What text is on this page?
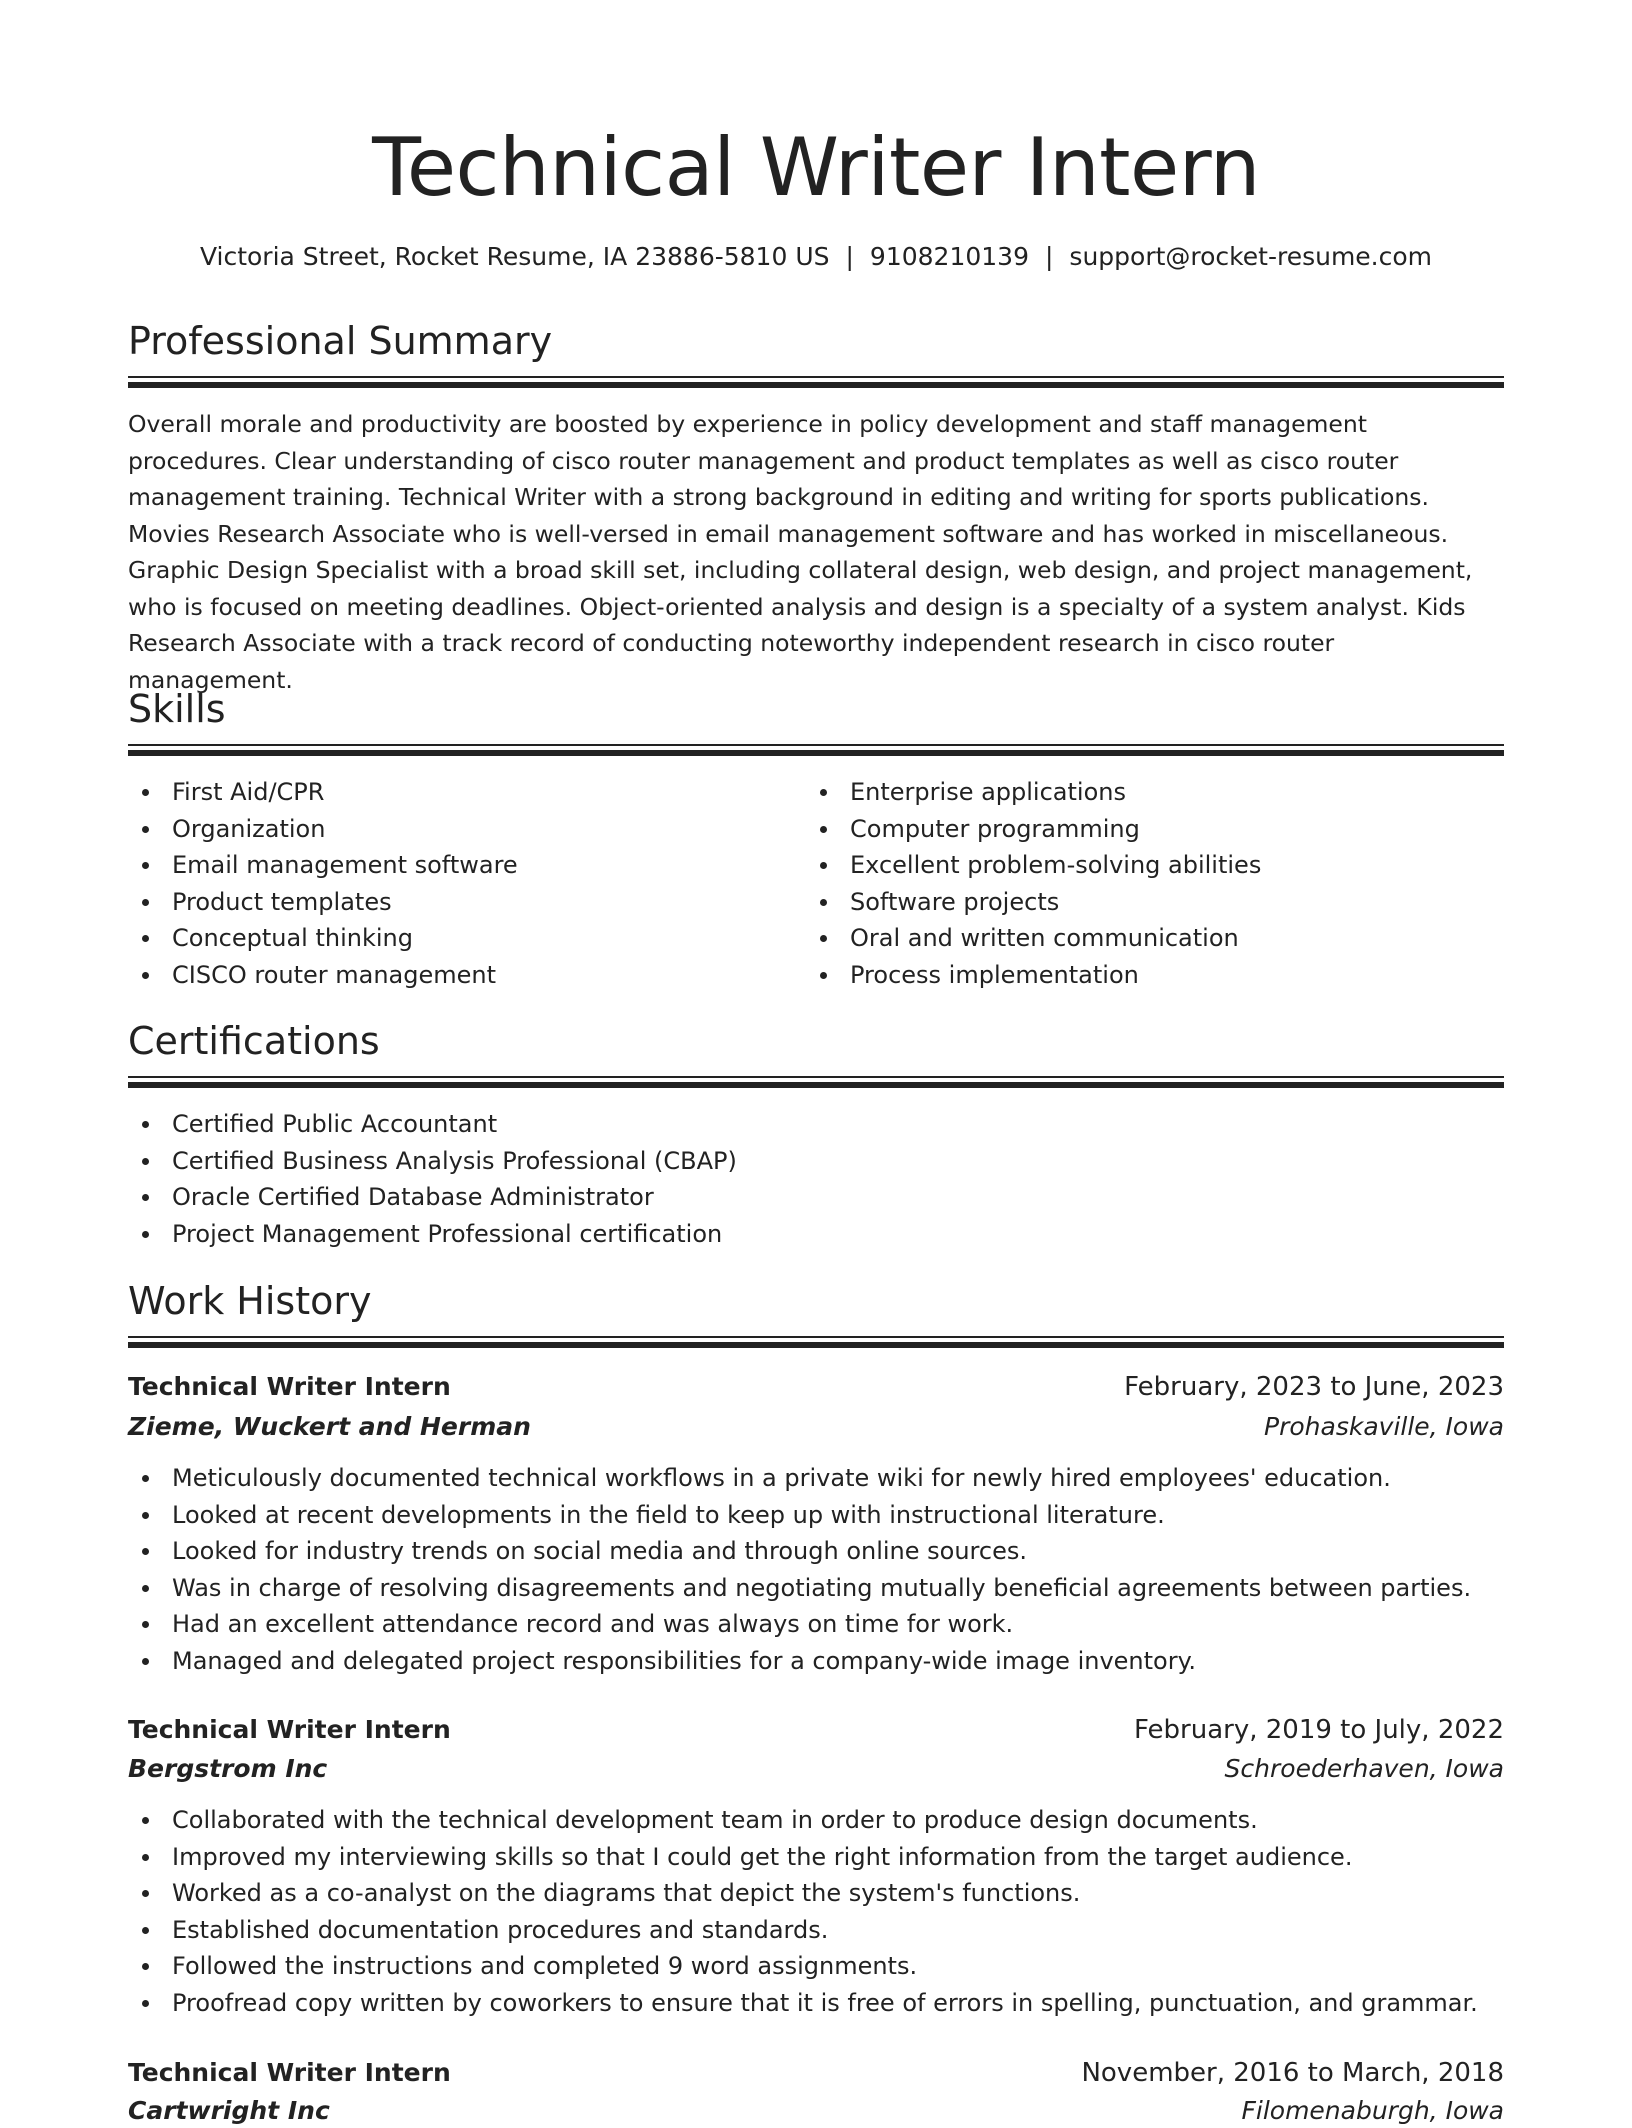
Technical Writer Intern
Victoria Street, Rocket Resume, IA 23886-5810 US | 9108210139 | support@rocket-resume.com
Professional Summary

Overall morale and productivity are boosted by experience in policy development and staff management procedures. Clear understanding of cisco router management and product templates as well as cisco router management training. Technical Writer with a strong background in editing and writing for sports publications. Movies Research Associate who is well-versed in email management software and has worked in miscellaneous. Graphic Design Specialist with a broad skill set, including collateral design, web design, and project management, who is focused on meeting deadlines. Object-oriented analysis and design is a specialty of a system analyst. Kids Research Associate with a track record of conducting noteworthy independent research in cisco router management.

Skills
First Aid/CPR
Organization
Email management software
Product templates
Conceptual thinking
CISCO router management
Enterprise applications
Computer programming
Excellent problem-solving abilities
Software projects
Oral and written communication
Process implementation
Certifications
Certified Public Accountant
Certified Business Analysis Professional (CBAP)
Oracle Certified Database Administrator
Project Management Professional certification
Work History
Technical Writer Intern	February, 2023 to June, 2023
Zieme, Wuckert and Herman	Prohaskaville, Iowa
Meticulously documented technical workflows in a private wiki for newly hired employees' education.
Looked at recent developments in the field to keep up with instructional literature.
Looked for industry trends on social media and through online sources.
Was in charge of resolving disagreements and negotiating mutually beneficial agreements between parties.
Had an excellent attendance record and was always on time for work.
Managed and delegated project responsibilities for a company-wide image inventory.
Technical Writer Intern	February, 2019 to July, 2022
Bergstrom Inc	Schroederhaven, Iowa
Collaborated with the technical development team in order to produce design documents.
Improved my interviewing skills so that I could get the right information from the target audience.
Worked as a co-analyst on the diagrams that depict the system's functions.
Established documentation procedures and standards.
Followed the instructions and completed 9 word assignments.
Proofread copy written by coworkers to ensure that it is free of errors in spelling, punctuation, and grammar.
Technical Writer Intern	November, 2016 to March, 2018
Cartwright Inc	Filomenaburgh, Iowa
